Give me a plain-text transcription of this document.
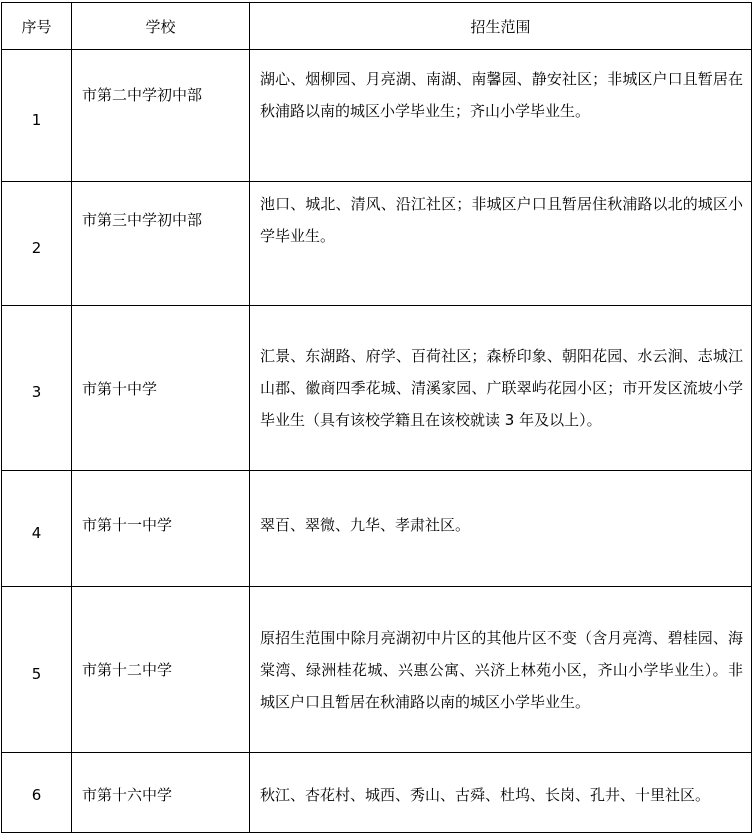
序号	学校	招生范围
1	市第二中学初中部	湖心、烟柳园、月亮湖、南湖、南馨园、静安社区；非城区户口且暂居在秋浦路以南的城区小学毕业生；齐山小学毕业生。
2	市第三中学初中部	池口、城北、清风、沿江社区；非城区户口且暂居住秋浦路以北的城区小学毕业生。
3	市第十中学	汇景、东湖路、府学、百荷社区；森桥印象、朝阳花园、水云涧、志城江山郡、徽商四季花城、清溪家园、广联翠屿花园小区；市开发区流坡小学毕业生（具有该校学籍且在该校就读 3 年及以上）。
4	市第十一中学	翠百、翠微、九华、孝肃社区。
5	市第十二中学	原招生范围中除月亮湖初中片区的其他片区不变（含月亮湾、碧桂园、海棠湾、绿洲桂花城、兴惠公寓、兴济上林苑小区，齐山小学毕业生）。非城区户口且暂居在秋浦路以南的城区小学毕业生。
6	市第十六中学	秋江、杏花村、城西、秀山、古舜、杜坞、长岗、孔井、十里社区。
